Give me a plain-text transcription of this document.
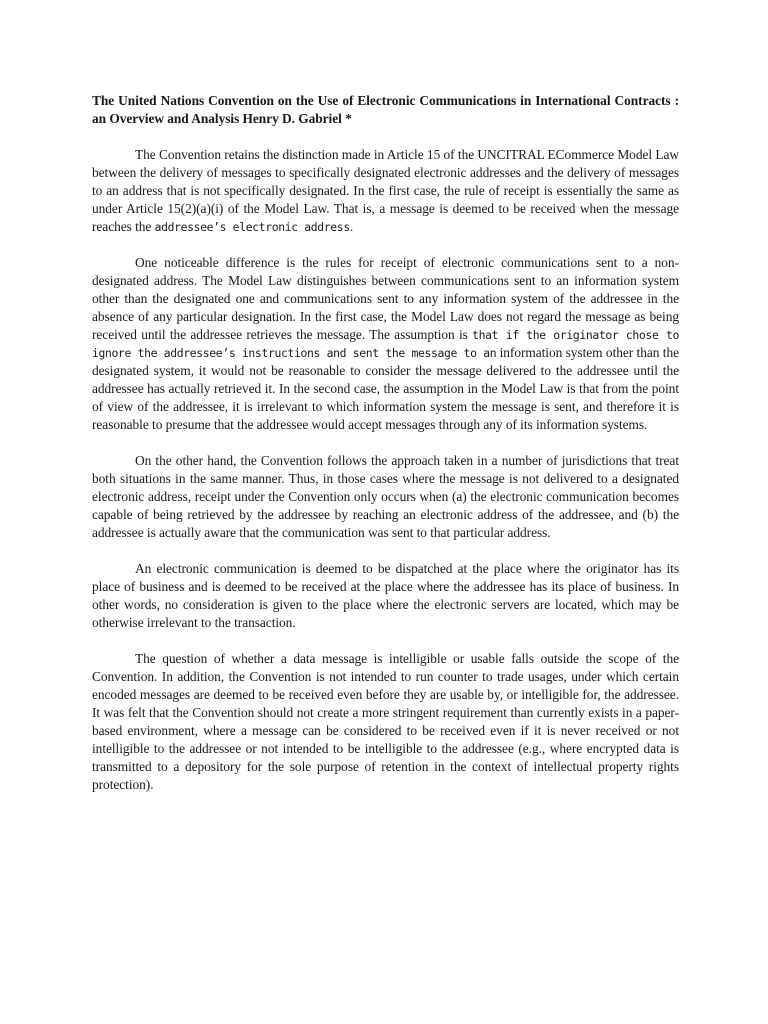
The United Nations Convention on the Use of Electronic Communications in International Contracts : an Overview and Analysis Henry D. Gabriel *

The Convention retains the distinction made in Article 15 of the UNCITRAL ECommerce Model Law between the delivery of messages to specifically designated electronic addresses and the delivery of messages to an address that is not specifically designated. In the first case, the rule of receipt is essentially the same as under Article 15(2)(a)(i) of the Model Law. That is, a message is deemed to be received when the message reaches the addressee’s electronic address.

One noticeable difference is the rules for receipt of electronic communications sent to a non-designated address. The Model Law distinguishes between communications sent to an information system other than the designated one and communications sent to any information system of the addressee in the absence of any particular designation. In the first case, the Model Law does not regard the message as being received until the addressee retrieves the message. The assumption is that if the originator chose to ignore the addressee’s instructions and sent the message to an information system other than the designated system, it would not be reasonable to consider the message delivered to the addressee until the addressee has actually retrieved it. In the second case, the assumption in the Model Law is that from the point of view of the addressee, it is irrelevant to which information system the message is sent, and therefore it is reasonable to presume that the addressee would accept messages through any of its information systems.

On the other hand, the Convention follows the approach taken in a number of jurisdictions that treat both situations in the same manner. Thus, in those cases where the message is not delivered to a designated electronic address, receipt under the Convention only occurs when (a) the electronic communication becomes capable of being retrieved by the addressee by reaching an electronic address of the addressee, and (b) the addressee is actually aware that the communication was sent to that particular address.

An electronic communication is deemed to be dispatched at the place where the originator has its place of business and is deemed to be received at the place where the addressee has its place of business. In other words, no consideration is given to the place where the electronic servers are located, which may be otherwise irrelevant to the transaction.

The question of whether a data message is intelligible or usable falls outside the scope of the Convention. In addition, the Convention is not intended to run counter to trade usages, under which certain encoded messages are deemed to be received even before they are usable by, or intelligible for, the addressee. It was felt that the Convention should not create a more stringent requirement than currently exists in a paper-based environment, where a message can be considered to be received even if it is never received or not intelligible to the addressee or not intended to be intelligible to the addressee (e.g., where encrypted data is transmitted to a depository for the sole purpose of retention in the context of intellectual property rights protection).
